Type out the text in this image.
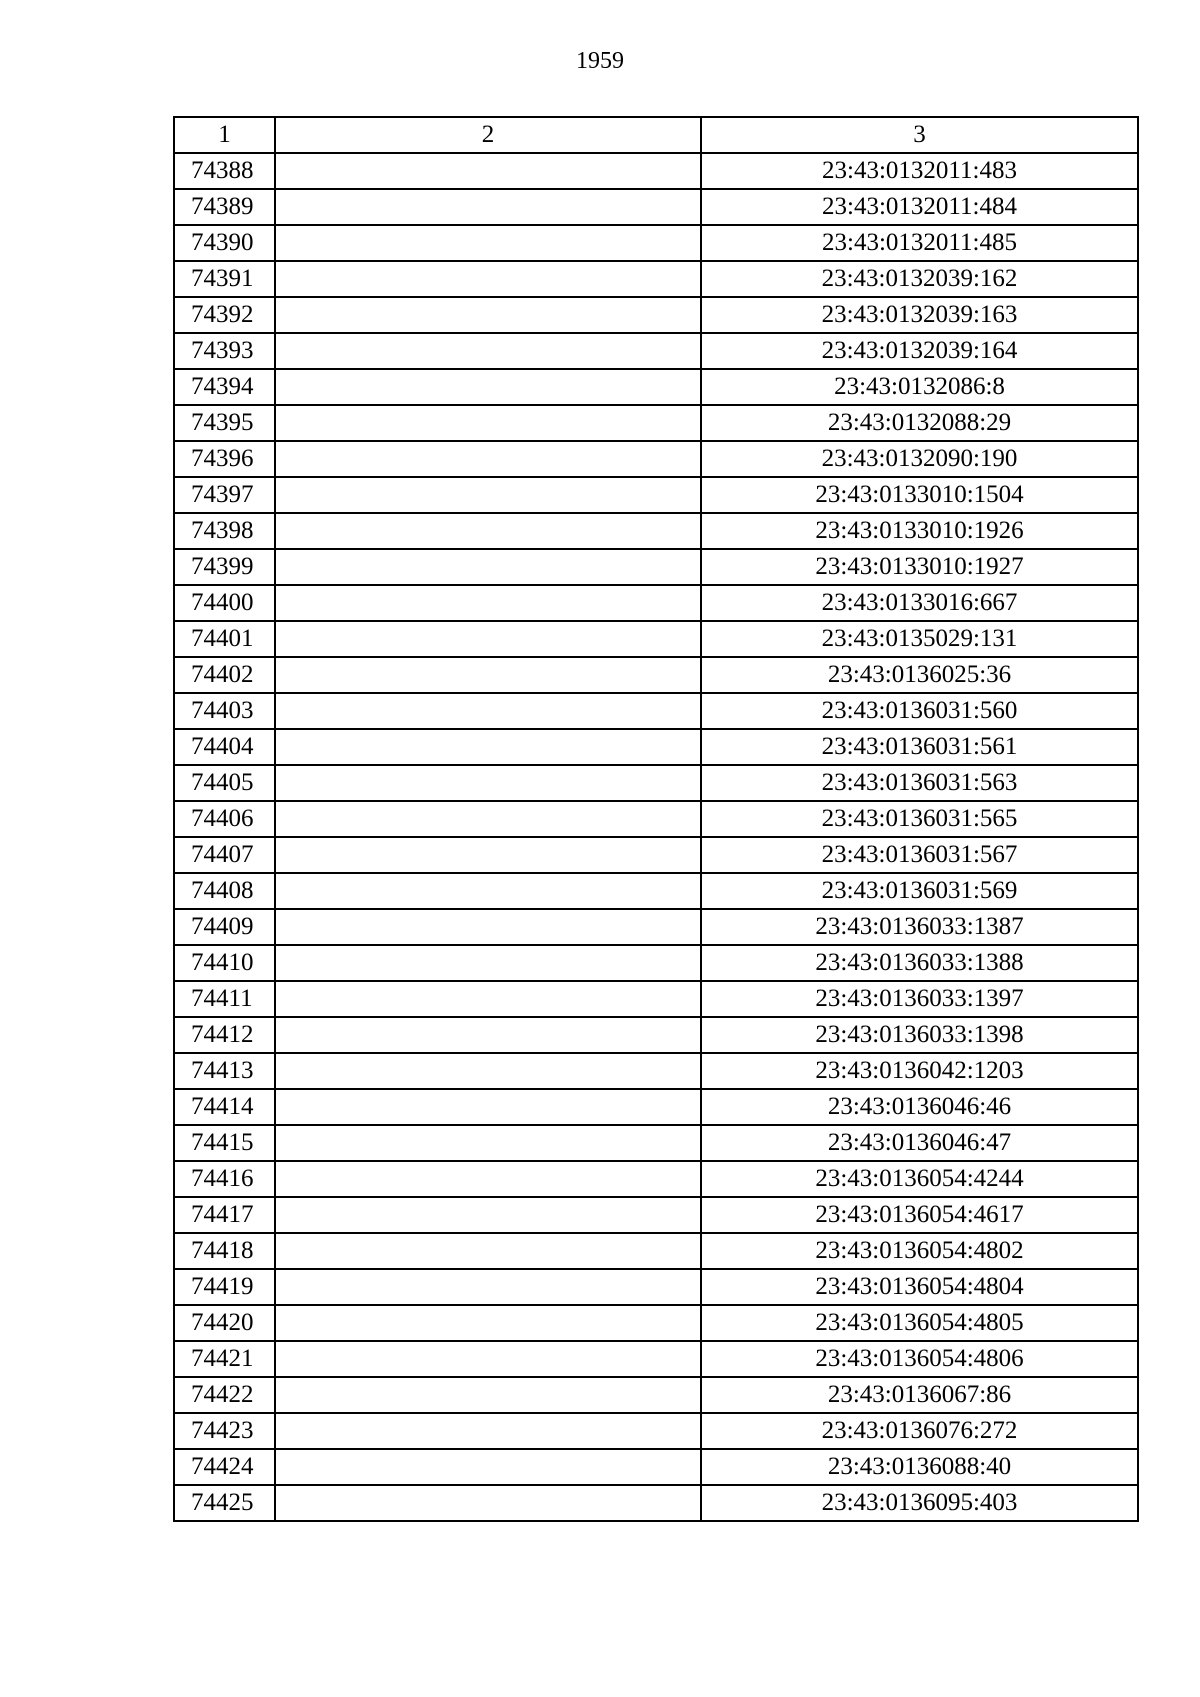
1959
1	2	3
74388		23:43:0132011:483
74389		23:43:0132011:484
74390		23:43:0132011:485
74391		23:43:0132039:162
74392		23:43:0132039:163
74393		23:43:0132039:164
74394		23:43:0132086:8
74395		23:43:0132088:29
74396		23:43:0132090:190
74397		23:43:0133010:1504
74398		23:43:0133010:1926
74399		23:43:0133010:1927
74400		23:43:0133016:667
74401		23:43:0135029:131
74402		23:43:0136025:36
74403		23:43:0136031:560
74404		23:43:0136031:561
74405		23:43:0136031:563
74406		23:43:0136031:565
74407		23:43:0136031:567
74408		23:43:0136031:569
74409		23:43:0136033:1387
74410		23:43:0136033:1388
74411		23:43:0136033:1397
74412		23:43:0136033:1398
74413		23:43:0136042:1203
74414		23:43:0136046:46
74415		23:43:0136046:47
74416		23:43:0136054:4244
74417		23:43:0136054:4617
74418		23:43:0136054:4802
74419		23:43:0136054:4804
74420		23:43:0136054:4805
74421		23:43:0136054:4806
74422		23:43:0136067:86
74423		23:43:0136076:272
74424		23:43:0136088:40
74425		23:43:0136095:403
